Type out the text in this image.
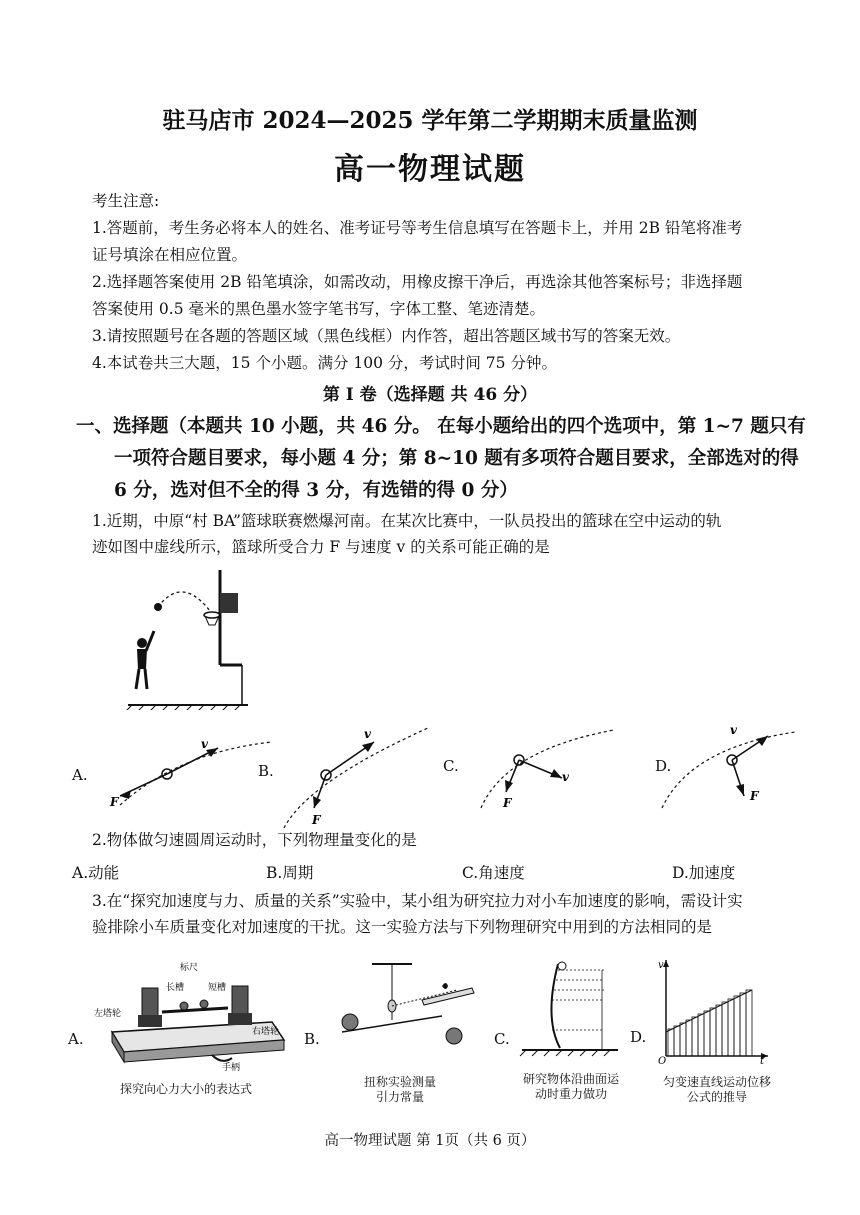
驻马店市 2024—2025 学年第二学期期末质量监测
高一物理试题
考生注意:
1.答题前，考生务必将本人的姓名、准考证号等考生信息填写在答题卡上，并用 2B 铅笔将准考
证号填涂在相应位置。
2.选择题答案使用 2B 铅笔填涂，如需改动，用橡皮擦干净后，再选涂其他答案标号；非选择题
答案使用 0.5 毫米的黑色墨水签字笔书写，字体工整、笔迹清楚。
3.请按照题号在各题的答题区域（黑色线框）内作答，超出答题区域书写的答案无效。
4.本试卷共三大题，15 个小题。满分 100 分，考试时间 75 分钟。
第 I 卷（选择题 共 46 分）
一、选择题（本题共 10 小题，共 46 分。 在每小题给出的四个选项中，第 1~7 题只有
一项符合题目要求，每小题 4 分；第 8~10 题有多项符合题目要求，全部选对的得
6 分，选对但不全的得 3 分，有选错的得 0 分）
1.近期，中原“村 BA”篮球联赛燃爆河南。在某次比赛中，一队员投出的篮球在空中运动的轨
迹如图中虚线所示，篮球所受合力 F 与速度 v 的关系可能正确的是
A.
v
F
B.
v
F
C.
v
F
D.
v
F
2.物体做匀速圆周运动时，下列物理量变化的是
A.动能	B.周期	C.角速度	D.加速度
3.在“探究加速度与力、质量的关系”实验中，某小组为研究拉力对小车加速度的影响，需设计实
验排除小车质量变化对加速度的干扰。这一实验方法与下列物理研究中用到的方法相同的是
A.
标尺
长槽	短槽
左塔轮
右塔轮
手柄
探究向心力大小的表达式
B.
扭称实验测量
引力常量
C.
研究物体沿曲面运
动时重力做功
D.
v
O	t
匀变速直线运动位移
公式的推导
高一物理试题 第 1页（共 6 页）
